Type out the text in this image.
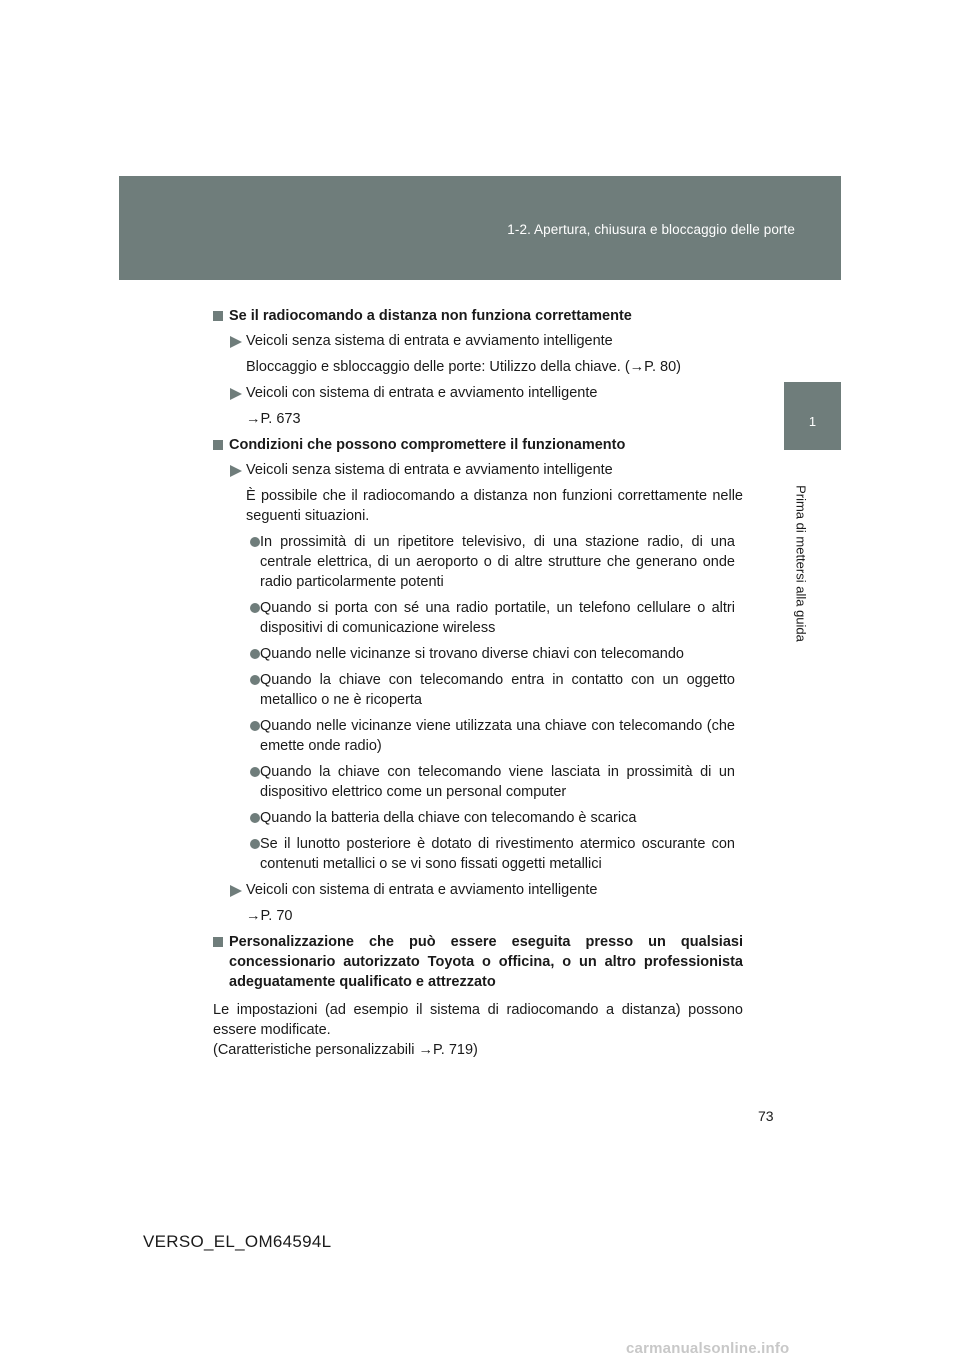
1-2. Apertura, chiusura e bloccaggio delle porte
1
Prima di mettersi alla guida

Se il radiocomando a distanza non funziona correttamente

Veicoli senza sistema di entrata e avviamento intelligente

Bloccaggio e sbloccaggio delle porte: Utilizzo della chiave. (→P. 80)

Veicoli con sistema di entrata e avviamento intelligente

→P. 673

Condizioni che possono compromettere il funzionamento

Veicoli senza sistema di entrata e avviamento intelligente

È possibile che il radiocomando a distanza non funzioni correttamente nelle seguenti situazioni.

In prossimità di un ripetitore televisivo, di una stazione radio, di una centrale elettrica, di un aeroporto o di altre strutture che generano onde radio particolarmente potenti

Quando si porta con sé una radio portatile, un telefono cellulare o altri dispositivi di comunicazione wireless

Quando nelle vicinanze si trovano diverse chiavi con telecomando

Quando la chiave con telecomando entra in contatto con un oggetto metallico o ne è ricoperta

Quando nelle vicinanze viene utilizzata una chiave con telecomando (che emette onde radio)

Quando la chiave con telecomando viene lasciata in prossimità di un dispositivo elettrico come un personal computer

Quando la batteria della chiave con telecomando è scarica

Se il lunotto posteriore è dotato di rivestimento atermico oscurante con contenuti metallici o se vi sono fissati oggetti metallici

Veicoli con sistema di entrata e avviamento intelligente

→P. 70

Personalizzazione che può essere eseguita presso un qualsiasi concessionario autorizzato Toyota o officina, o un altro professionista adeguatamente qualificato e attrezzato

Le impostazioni (ad esempio il sistema di radiocomando a distanza) possono essere modificate.

(Caratteristiche personalizzabili →P. 719)

73
VERSO_EL_OM64594L
carmanualsonline.info
